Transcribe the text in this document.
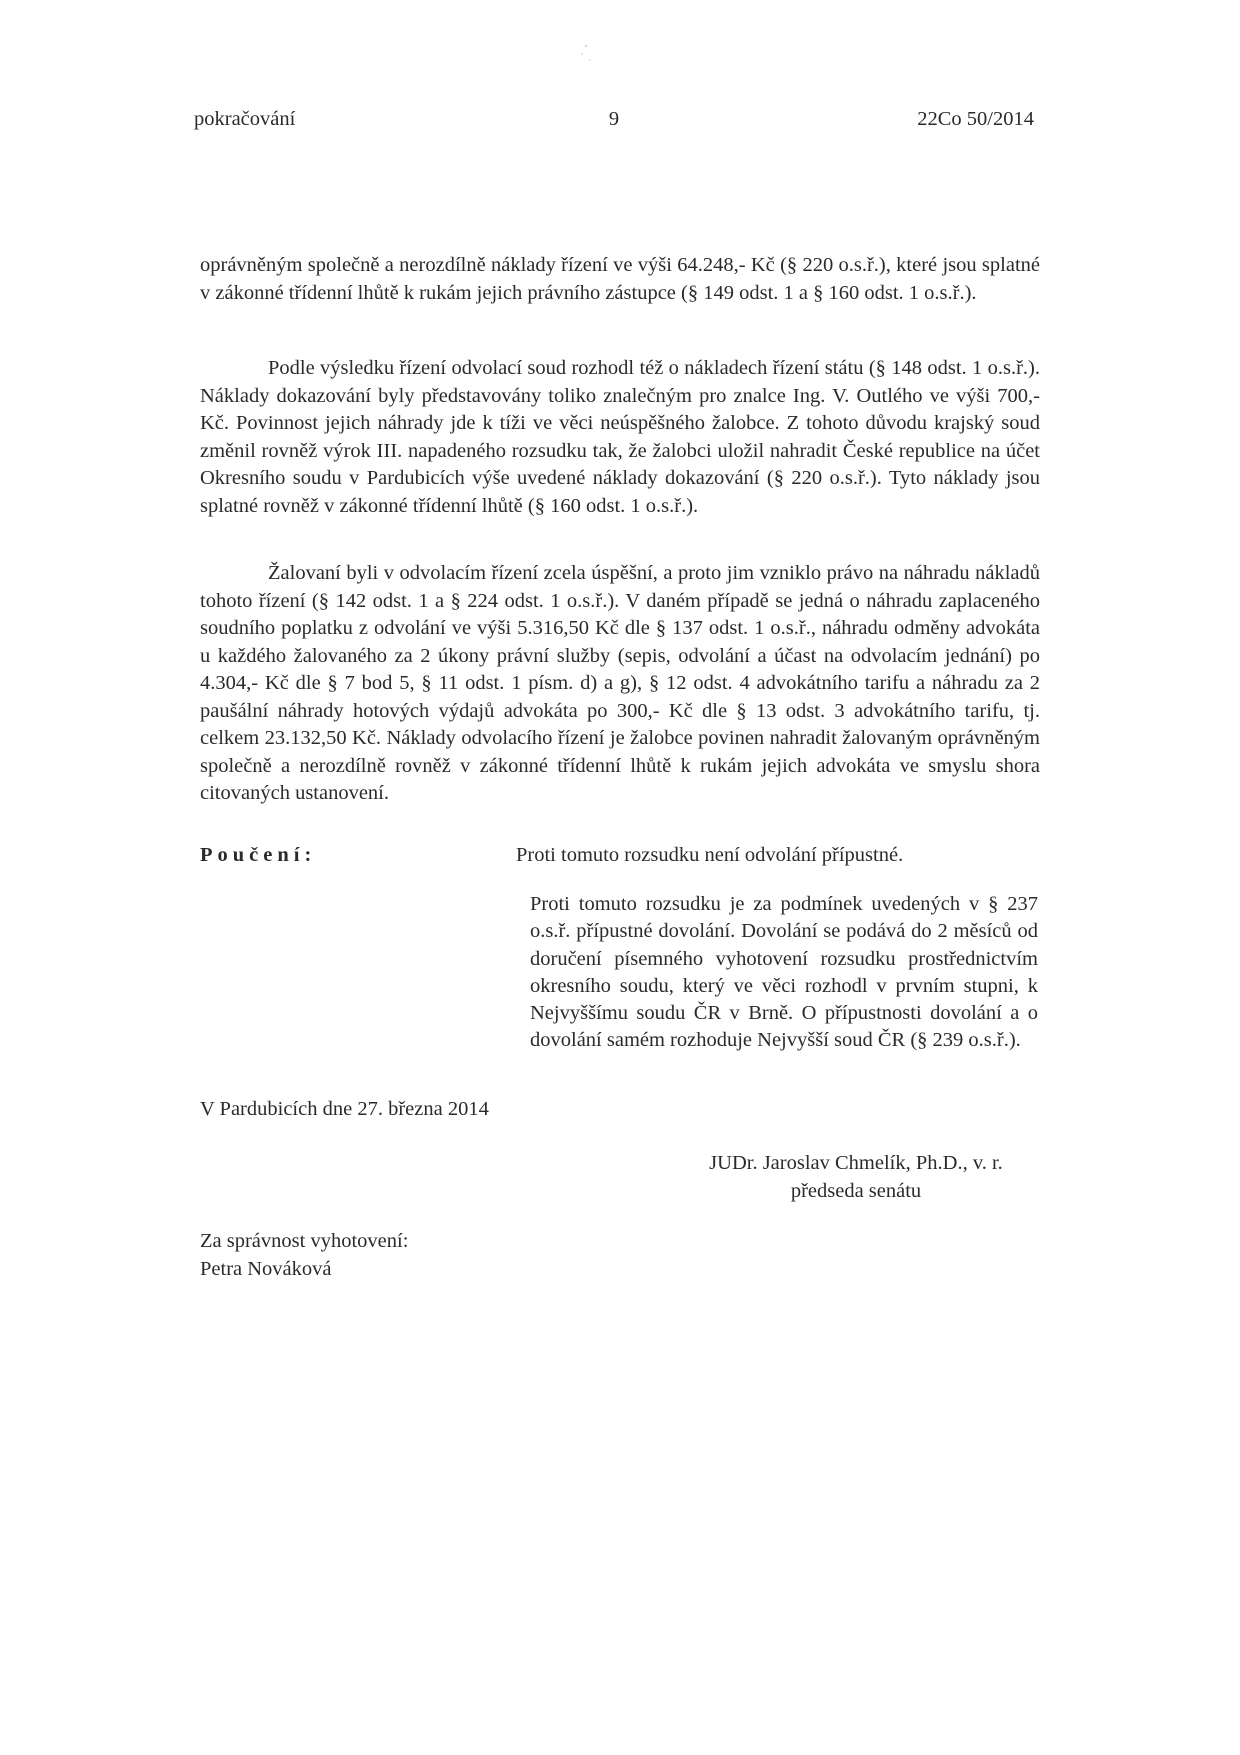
pokračování	9	22Co 50/2014

oprávněným společně a nerozdílně náklady řízení ve výši 64.248,- Kč (§ 220 o.s.ř.), které jsou splatné v zákonné třídenní lhůtě k rukám jejich právního zástupce (§ 149 odst. 1 a § 160 odst. 1 o.s.ř.).

Podle výsledku řízení odvolací soud rozhodl též o nákladech řízení státu (§ 148 odst. 1 o.s.ř.). Náklady dokazování byly představovány toliko znalečným pro znalce Ing. V. Outlého ve výši 700,- Kč. Povinnost jejich náhrady jde k tíži ve věci neúspěšného žalobce. Z tohoto důvodu krajský soud změnil rovněž výrok III. napadeného rozsudku tak, že žalobci uložil nahradit České republice na účet Okresního soudu v Pardubicích výše uvedené náklady dokazování (§ 220 o.s.ř.). Tyto náklady jsou splatné rovněž v zákonné třídenní lhůtě (§ 160 odst. 1 o.s.ř.).

Žalovaní byli v odvolacím řízení zcela úspěšní, a proto jim vzniklo právo na náhradu nákladů tohoto řízení (§ 142 odst. 1 a § 224 odst. 1 o.s.ř.). V daném případě se jedná o náhradu zaplaceného soudního poplatku z odvolání ve výši 5.316,50 Kč dle § 137 odst. 1 o.s.ř., náhradu odměny advokáta u každého žalovaného za 2 úkony právní služby (sepis, odvolání a účast na odvolacím jednání) po 4.304,- Kč dle § 7 bod 5, § 11 odst. 1 písm. d) a g), § 12 odst. 4 advokátního tarifu a náhradu za 2 paušální náhrady hotových výdajů advokáta po 300,- Kč dle § 13 odst. 3 advokátního tarifu, tj. celkem 23.132,50 Kč. Náklady odvolacího řízení je žalobce povinen nahradit žalovaným oprávněným společně a nerozdílně rovněž v zákonné třídenní lhůtě k rukám jejich advokáta ve smyslu shora citovaných ustanovení.

Poučení:	Proti tomuto rozsudku není odvolání přípustné.

Proti tomuto rozsudku je za podmínek uvedených v § 237 o.s.ř. přípustné dovolání. Dovolání se podává do 2 měsíců od doručení písemného vyhotovení rozsudku prostřednictvím okresního soudu, který ve věci rozhodl v prvním stupni, k Nejvyššímu soudu ČR v Brně. O přípustnosti dovolání a o dovolání samém rozhoduje Nejvyšší soud ČR (§ 239 o.s.ř.).

V Pardubicích dne 27. března 2014
JUDr. Jaroslav Chmelík, Ph.D., v. r.
předseda senátu
Za správnost vyhotovení:
Petra Nováková
